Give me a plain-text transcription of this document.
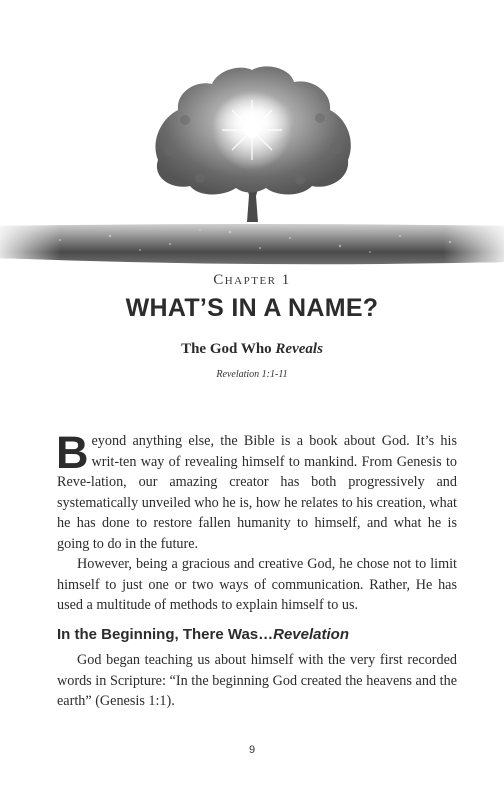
Chapter 1
WHAT’S IN A NAME?
The God Who Reveals
Revelation 1:1-11

Beyond anything else, the Bible is a book about God. It’s his writ-ten way of revealing himself to mankind. From Genesis to Reve-lation, our amazing creator has both progressively and systematically unveiled who he is, how he relates to his creation, what he has done to restore fallen humanity to himself, and what he is going to do in the future.

However, being a gracious and creative God, he chose not to limit himself to just one or two ways of communication. Rather, He has used a multitude of methods to explain himself to us.

In the Beginning, There Was…Revelation

God began teaching us about himself with the very first recorded words in Scripture: “In the beginning God created the heavens and the earth” (Genesis 1:1).

9
